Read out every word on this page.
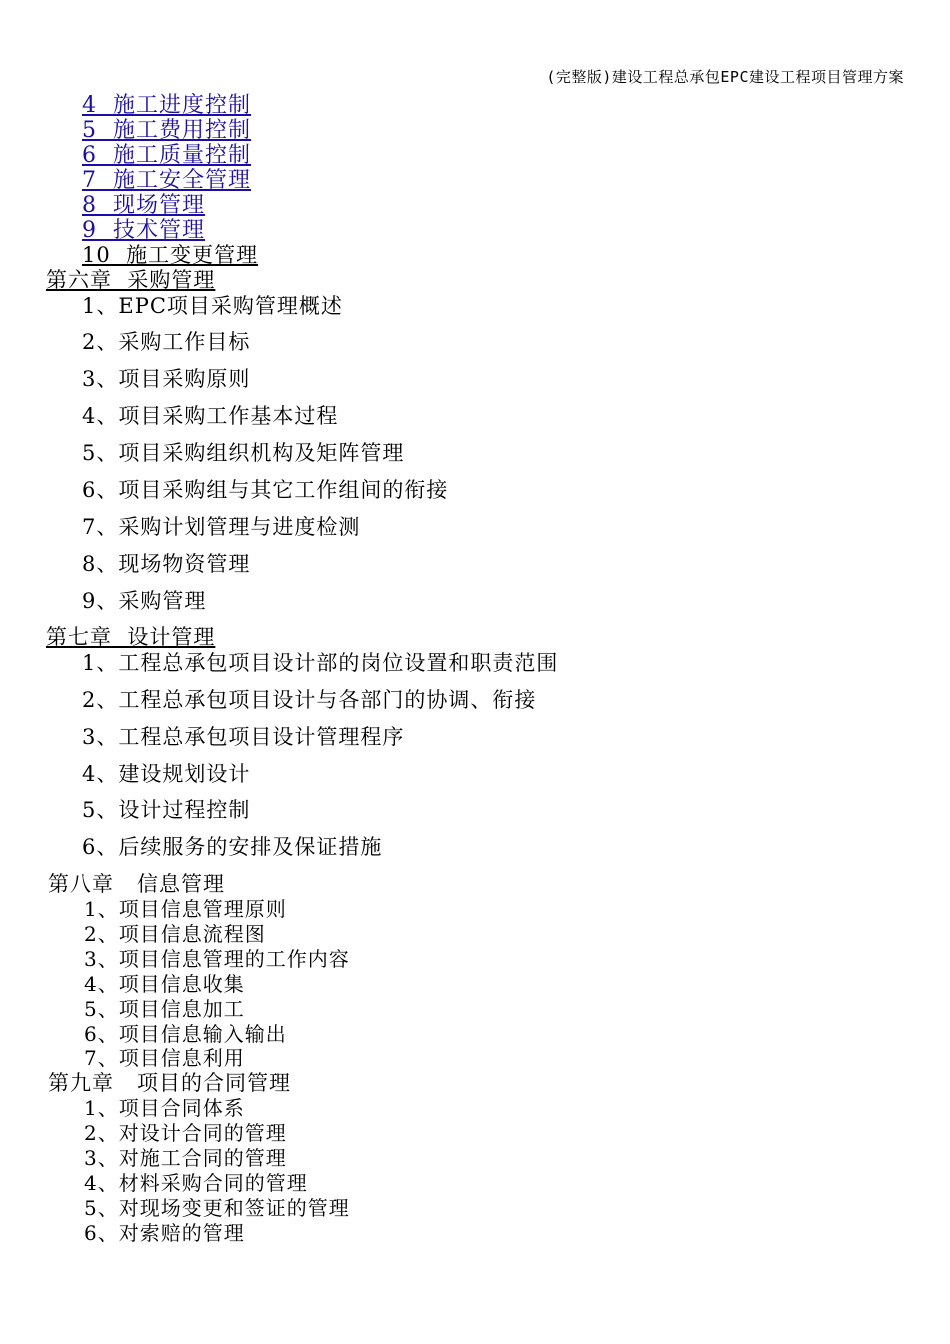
(完整版)建设工程总承包EPC建设工程项目管理方案
4  施工进度控制
5  施工费用控制
6  施工质量控制
7  施工安全管理
8  现场管理
9  技术管理
10  施工变更管理
第六章  采购管理
1、EPC项目采购管理概述
2、采购工作目标
3、项目采购原则
4、项目采购工作基本过程
5、项目采购组织机构及矩阵管理
6、项目采购组与其它工作组间的衔接
7、采购计划管理与进度检测
8、现场物资管理
9、采购管理
第七章  设计管理
1、工程总承包项目设计部的岗位设置和职责范围
2、工程总承包项目设计与各部门的协调、衔接
3、工程总承包项目设计管理程序
4、建设规划设计
5、设计过程控制
6、后续服务的安排及保证措施
第八章   信息管理
1、项目信息管理原则
2、项目信息流程图
3、项目信息管理的工作内容
4、项目信息收集
5、项目信息加工
6、项目信息输入输出
7、项目信息利用
第九章   项目的合同管理
1、项目合同体系
2、对设计合同的管理
3、对施工合同的管理
4、材料采购合同的管理
5、对现场变更和签证的管理
6、对索赔的管理
